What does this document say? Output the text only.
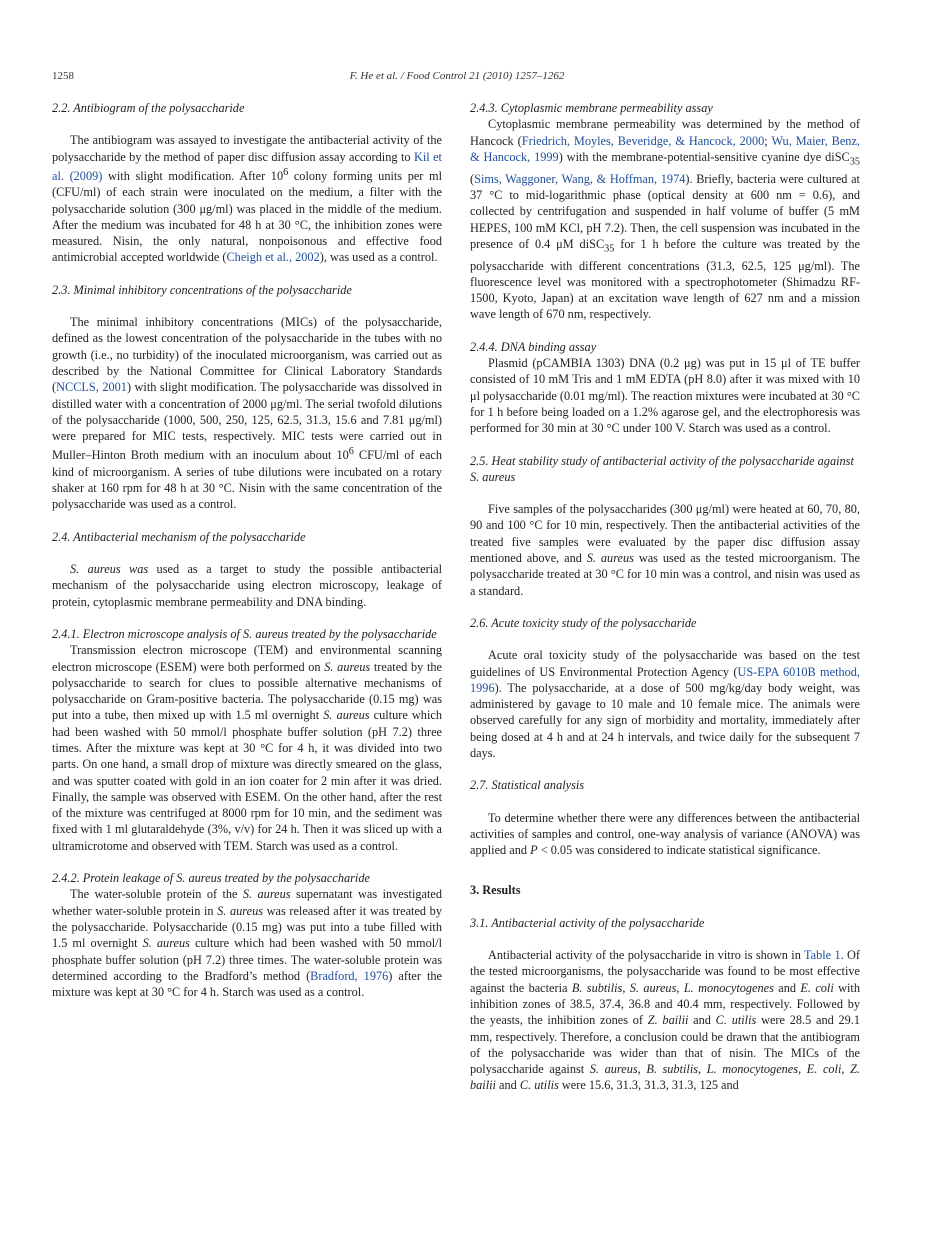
1258	F. He et al. / Food Control 21 (2010) 1257–1262
2.2. Antibiogram of the polysaccharide

The antibiogram was assayed to investigate the antibacterial activity of the polysaccharide by the method of paper disc diffusion assay according to Kil et al. (2009) with slight modification. After $10^6$ colony forming units per ml (CFU/ml) of each strain were inoculated on the medium, a filter with the polysaccharide solution (300 μg/ml) was placed in the middle of the medium. After the medium was incubated for 48 h at 30 °C, the inhibition zones were measured. Nisin, the only natural, nonpoisonous and effective food antimicrobial accepted worldwide (Cheigh et al., 2002), was used as a control.

2.3. Minimal inhibitory concentrations of the polysaccharide

The minimal inhibitory concentrations (MICs) of the polysaccharide, defined as the lowest concentration of the polysaccharide in the tubes with no growth (i.e., no turbidity) of the inoculated microorganism, was carried out as described by the National Committee for Clinical Laboratory Standards (NCCLS, 2001) with slight modification. The polysaccharide was dissolved in distilled water with a concentration of 2000 μg/ml. The serial twofold dilutions of the polysaccharide (1000, 500, 250, 125, 62.5, 31.3, 15.6 and 7.81 μg/ml) were prepared for MIC tests, respectively. MIC tests were carried out in Muller–Hinton Broth medium with an inoculum about $10^6$ CFU/ml of each kind of microorganism. A series of tube dilutions were incubated on a rotary shaker at 160 rpm for 48 h at 30 °C. Nisin with the same concentration of the polysaccharide was used as a control.

2.4. Antibacterial mechanism of the polysaccharide

S. aureus was used as a target to study the possible antibacterial mechanism of the polysaccharide using electron microscopy, leakage of protein, cytoplasmic membrane permeability and DNA binding.

2.4.1. Electron microscope analysis of S. aureus treated by the polysaccharide

Transmission electron microscope (TEM) and environmental scanning electron microscope (ESEM) were both performed on S. aureus treated by the polysaccharide to search for clues to possible alternative mechanisms of polysaccharide on Gram-positive bacteria. The polysaccharide (0.15 mg) was put into a tube, then mixed up with 1.5 ml overnight S. aureus culture which had been washed with 50 mmol/l phosphate buffer solution (pH 7.2) three times. After the mixture was kept at 30 °C for 4 h, it was divided into two parts. On one hand, a small drop of mixture was directly smeared on the glass, and was sputter coated with gold in an ion coater for 2 min after it was dried. Finally, the sample was observed with ESEM. On the other hand, after the rest of the mixture was centrifuged at 8000 rpm for 10 min, and the sediment was fixed with 1 ml glutaraldehyde (3%, v/v) for 24 h. Then it was sliced up with a ultramicrotome and observed with TEM. Starch was used as a control.

2.4.2. Protein leakage of S. aureus treated by the polysaccharide

The water-soluble protein of the S. aureus supernatant was investigated whether water-soluble protein in S. aureus was released after it was treated by the polysaccharide. Polysaccharide (0.15 mg) was put into a tube filled with 1.5 ml overnight S. aureus culture which had been washed with 50 mmol/l phosphate buffer solution (pH 7.2) three times. The water-soluble protein was determined according to the Bradford’s method (Bradford, 1976) after the mixture was kept at 30 °C for 4 h. Starch was used as a control.

2.4.3. Cytoplasmic membrane permeability assay

Cytoplasmic membrane permeability was determined by the method of Hancock (Friedrich, Moyles, Beveridge, & Hancock, 2000; Wu, Maier, Benz, & Hancock, 1999) with the membrane-potential-sensitive cyanine dye diSC$_{35}$ (Sims, Waggoner, Wang, & Hoffman, 1974). Briefly, bacteria were cultured at 37 °C to mid-logarithmic phase (optical density at 600 nm = 0.6), and collected by centrifugation and suspended in half volume of buffer (5 mM HEPES, 100 mM KCl, pH 7.2). Then, the cell suspension was incubated in the presence of 0.4 μM diSC$_{35}$ for 1 h before the culture was treated by the polysaccharide with different concentrations (31.3, 62.5, 125 μg/ml). The fluorescence level was monitored with a spectrophotometer (Shimadzu RF-1500, Kyoto, Japan) at an excitation wave length of 627 nm and a mission wave length of 670 nm, respectively.

2.4.4. DNA binding assay

Plasmid (pCAMBIA 1303) DNA (0.2 μg) was put in 15 μl of TE buffer consisted of 10 mM Tris and 1 mM EDTA (pH 8.0) after it was mixed with 10 μl polysaccharide (0.01 mg/ml). The reaction mixtures were incubated at 30 °C for 1 h before being loaded on a 1.2% agarose gel, and the electrophoresis was performed for 30 min at 30 °C under 100 V. Starch was used as a control.

2.5. Heat stability study of antibacterial activity of the polysaccharide against S. aureus

Five samples of the polysaccharides (300 μg/ml) were heated at 60, 70, 80, 90 and 100 °C for 10 min, respectively. Then the antibacterial activities of the treated five samples were evaluated by the paper disc diffusion assay mentioned above, and S. aureus was used as the tested microorganism. The polysaccharide treated at 30 °C for 10 min was a control, and nisin was used as a standard.

2.6. Acute toxicity study of the polysaccharide

Acute oral toxicity study of the polysaccharide was based on the test guidelines of US Environmental Protection Agency (US-EPA 6010B method, 1996). The polysaccharide, at a dose of 500 mg/kg/day body weight, was administered by gavage to 10 male and 10 female mice. The animals were observed carefully for any sign of morbidity and mortality, immediately after being dosed at 4 h and at 24 h intervals, and twice daily for the subsequent 7 days.

2.7. Statistical analysis

To determine whether there were any differences between the antibacterial activities of samples and control, one-way analysis of variance (ANOVA) was applied and P < 0.05 was considered to indicate statistical significance.

3. Results
3.1. Antibacterial activity of the polysaccharide

Antibacterial activity of the polysaccharide in vitro is shown in Table 1. Of the tested microorganisms, the polysaccharide was found to be most effective against the bacteria B. subtilis, S. aureus, L. monocytogenes and E. coli with inhibition zones of 38.5, 37.4, 36.8 and 40.4 mm, respectively. Followed by the yeasts, the inhibition zones of Z. bailii and C. utilis were 28.5 and 29.1 mm, respectively. Therefore, a conclusion could be drawn that the antibiogram of the polysaccharide was wider than that of nisin. The MICs of the polysaccharide against S. aureus, B. subtilis, L. monocytogenes, E. coli, Z. bailii and C. utilis were 15.6, 31.3, 31.3, 31.3, 125 and
